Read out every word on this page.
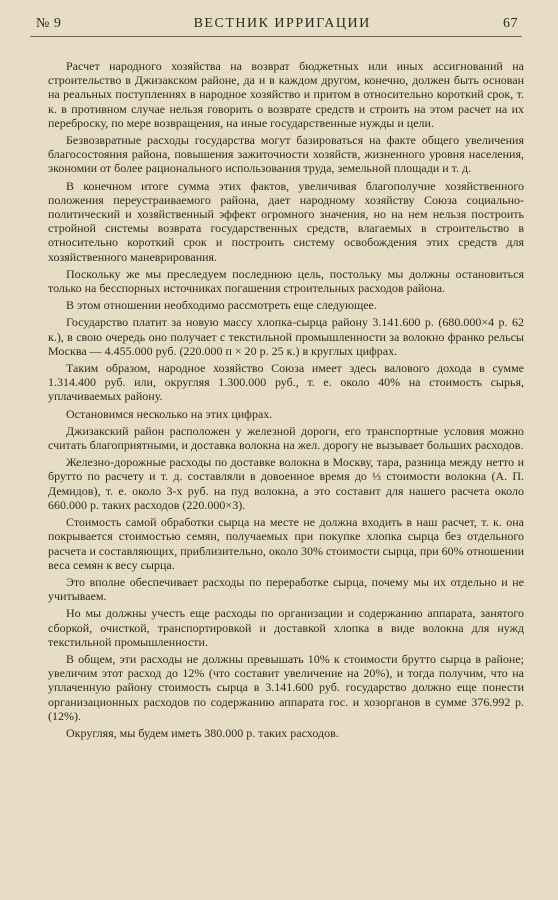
№ 9	ВЕСТНИК ИРРИГАЦИИ	67

Расчет народного хозяйства на возврат бюджетных или иных ассигнований на строительство в Джизакском районе, да и в каждом другом, конечно, должен быть основан на реальных поступлениях в народное хозяйство и притом в относительно короткий срок, т. к. в противном случае нельзя говорить о возврате средств и строить на этом расчет на их переброску, по мере возвращения, на иные государственные нужды и цели.

Безвозвратные расходы государства могут базироваться на факте общего увеличения благосостояния района, повышения зажиточности хозяйств, жизненного уровня населения, экономии от более рационального использования труда, земельной площади и т. д.

В конечном итоге сумма этих фактов, увеличивая благополучие хозяйственного положения переустраиваемого района, дает народному хозяйству Союза социально-политический и хозяйственный эффект огромного значения, но на нем нельзя построить стройной системы возврата государственных средств, влагаемых в строительство в относительно короткий срок и построить систему освобождения этих средств для хозяйственного маневрирования.

Поскольку же мы преследуем последнюю цель, постольку мы должны остановиться только на бесспорных источниках погашения строительных расходов района.

В этом отношении необходимо рассмотреть еще следующее.

Государство платит за новую массу хлопка-сырца району 3.141.600 р. (680.000×4 р. 62 к.), в свою очередь оно получает с текстильной промышленности за волокно франко рельсы Москва — 4.455.000 руб. (220.000 п × 20 р. 25 к.) в круглых цифрах.

Таким образом, народное хозяйство Союза имеет здесь валового дохода в сумме 1.314.400 руб. или, округляя 1.300.000 руб., т. е. около 40% на стоимость сырья, уплачиваемых району.

Остановимся несколько на этих цифрах.

Джизакский район расположен у железной дороги, его транспортные условия можно считать благоприятными, и доставка волокна на жел. дорогу не вызывает больших расходов.

Железно-дорожные расходы по доставке волокна в Москву, тара, разница между нетто и брутто по расчету и т. д. составляли в довоенное время до ⅓ стоимости волокна (А. П. Демидов), т. е. около 3-х руб. на пуд волокна, а это составит для нашего расчета около 660.000 р. таких расходов (220.000×3).

Стоимость самой обработки сырца на месте не должна входить в наш расчет, т. к. она покрывается стоимостью семян, получаемых при покупке хлопка сырца без отдельного расчета и составляющих, приблизительно, около 30% стоимости сырца, при 60% отношении веса семян к весу сырца.

Это вполне обеспечивает расходы по переработке сырца, почему мы их отдельно и не учитываем.

Но мы должны учесть еще расходы по организации и содержанию аппарата, занятого сборкой, очисткой, транспортировкой и доставкой хлопка в виде волокна для нужд текстильной промышленности.

В общем, эти расходы не должны превышать 10% к стоимости брутто сырца в районе; увеличим этот расход до 12% (что составит увеличение на 20%), и тогда получим, что на уплаченную району стоимость сырца в 3.141.600 руб. государство должно еще понести организационных расходов по содержанию аппарата гос. и хозорганов в сумме 376.992 р. (12%).

Округляя, мы будем иметь 380.000 р. таких расходов.
